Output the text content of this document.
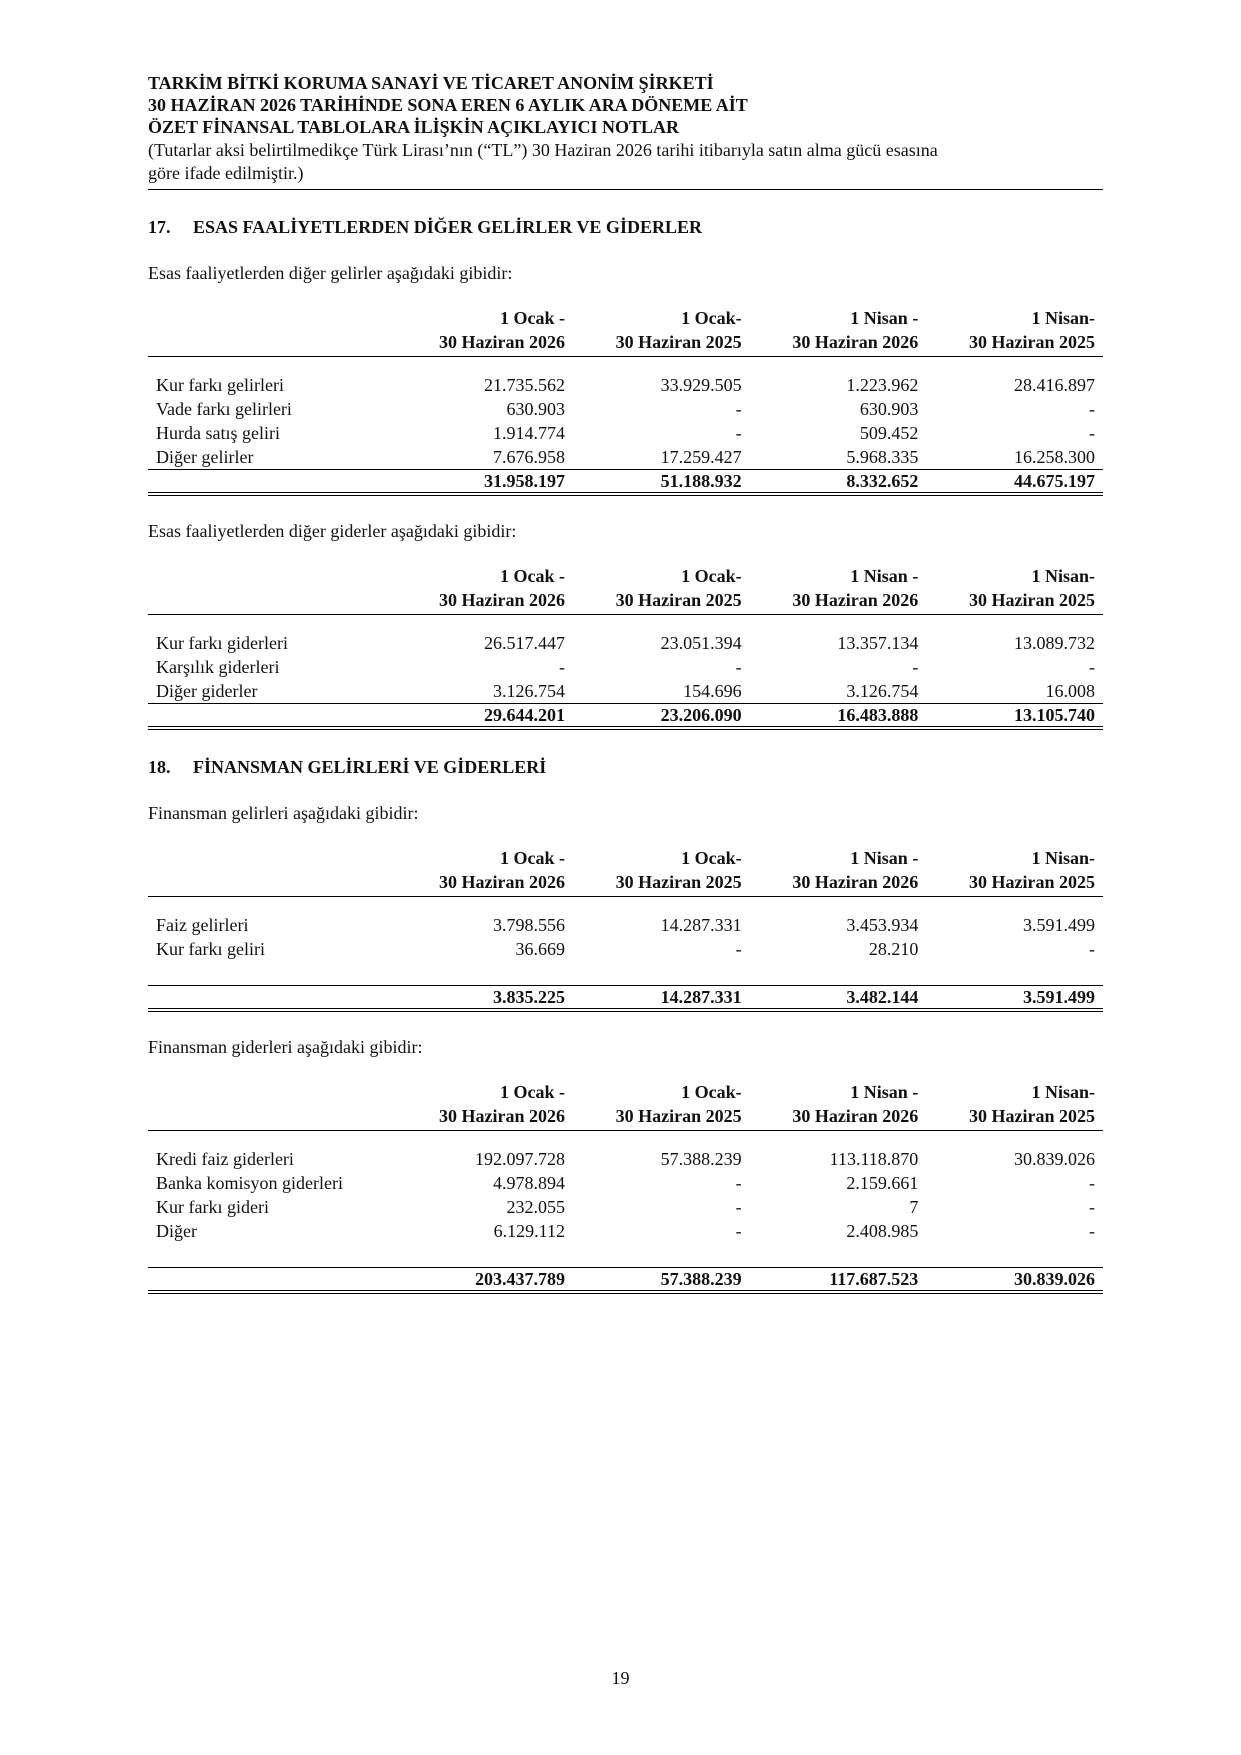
TARKİM BİTKİ KORUMA SANAYİ VE TİCARET ANONİM ŞİRKETİ
30 HAZİRAN 2026 TARİHİNDE SONA EREN 6 AYLIK ARA DÖNEME AİT
ÖZET FİNANSAL TABLOLARA İLİŞKİN AÇIKLAYICI NOTLAR
(Tutarlar aksi belirtilmedikçe Türk Lirası’nın (“TL”) 30 Haziran 2026 tarihi itibarıyla satın alma gücü esasına
göre ifade edilmiştir.)
17. ESAS FAALİYETLERDEN DİĞER GELİRLER VE GİDERLER
Esas faaliyetlerden diğer gelirler aşağıdaki gibidir:
	1 Ocak -	1 Ocak-	1 Nisan -	1 Nisan-
	30 Haziran 2026	30 Haziran 2025	30 Haziran 2026	30 Haziran 2025

Kur farkı gelirleri	21.735.562	33.929.505	1.223.962	28.416.897
Vade farkı gelirleri	630.903	-	630.903	-
Hurda satış geliri	1.914.774	-	509.452	-
Diğer gelirler	7.676.958	17.259.427	5.968.335	16.258.300
	31.958.197	51.188.932	8.332.652	44.675.197
Esas faaliyetlerden diğer giderler aşağıdaki gibidir:
	1 Ocak -	1 Ocak-	1 Nisan -	1 Nisan-
	30 Haziran 2026	30 Haziran 2025	30 Haziran 2026	30 Haziran 2025

Kur farkı giderleri	26.517.447	23.051.394	13.357.134	13.089.732
Karşılık giderleri	-	-	-	-
Diğer giderler	3.126.754	154.696	3.126.754	16.008
	29.644.201	23.206.090	16.483.888	13.105.740
18. FİNANSMAN GELİRLERİ VE GİDERLERİ
Finansman gelirleri aşağıdaki gibidir:
	1 Ocak -	1 Ocak-	1 Nisan -	1 Nisan-
	30 Haziran 2026	30 Haziran 2025	30 Haziran 2026	30 Haziran 2025

Faiz gelirleri	3.798.556	14.287.331	3.453.934	3.591.499
Kur farkı geliri	36.669	-	28.210	-

	3.835.225	14.287.331	3.482.144	3.591.499
Finansman giderleri aşağıdaki gibidir:
	1 Ocak -	1 Ocak-	1 Nisan -	1 Nisan-
	30 Haziran 2026	30 Haziran 2025	30 Haziran 2026	30 Haziran 2025

Kredi faiz giderleri	192.097.728	57.388.239	113.118.870	30.839.026
Banka komisyon giderleri	4.978.894	-	2.159.661	-
Kur farkı gideri	232.055	-	7	-
Diğer	6.129.112	-	2.408.985	-

	203.437.789	57.388.239	117.687.523	30.839.026
19
